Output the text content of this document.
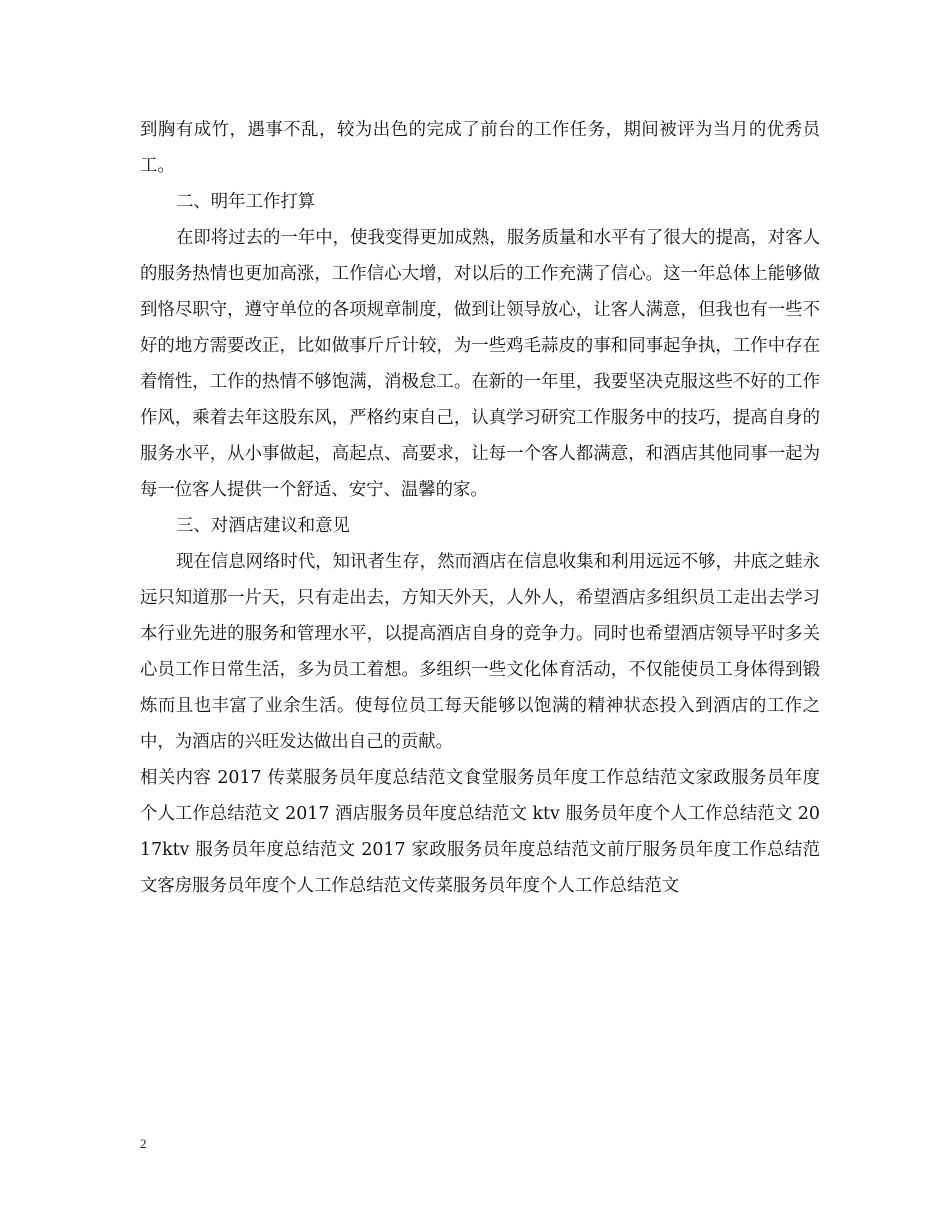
到胸有成竹，遇事不乱，较为出色的完成了前台的工作任务，期间被评为当月的优秀员工。

二、明年工作打算

在即将过去的一年中，使我变得更加成熟，服务质量和水平有了很大的提高，对客人的服务热情也更加高涨，工作信心大增，对以后的工作充满了信心。这一年总体上能够做到恪尽职守，遵守单位的各项规章制度，做到让领导放心，让客人满意，但我也有一些不好的地方需要改正，比如做事斤斤计较，为一些鸡毛蒜皮的事和同事起争执，工作中存在着惰性，工作的热情不够饱满，消极怠工。在新的一年里，我要坚决克服这些不好的工作作风，乘着去年这股东风，严格约束自己，认真学习研究工作服务中的技巧，提高自身的服务水平，从小事做起，高起点、高要求，让每一个客人都满意，和酒店其他同事一起为每一位客人提供一个舒适、安宁、温馨的家。

三、对酒店建议和意见

现在信息网络时代，知讯者生存，然而酒店在信息收集和利用远远不够，井底之蛙永远只知道那一片天，只有走出去，方知天外天，人外人，希望酒店多组织员工走出去学习本行业先进的服务和管理水平，以提高酒店自身的竞争力。同时也希望酒店领导平时多关心员工作日常生活，多为员工着想。多组织一些文化体育活动，不仅能使员工身体得到锻炼而且也丰富了业余生活。使每位员工每天能够以饱满的精神状态投入到酒店的工作之中，为酒店的兴旺发达做出自己的贡献。

相关内容 2017 传菜服务员年度总结范文食堂服务员年度工作总结范文家政服务员年度个人工作总结范文 2017 酒店服务员年度总结范文 ktv 服务员年度个人工作总结范文 2017ktv 服务员年度总结范文 2017 家政服务员年度总结范文前厅服务员年度工作总结范文客房服务员年度个人工作总结范文传菜服务员年度个人工作总结范文

2
